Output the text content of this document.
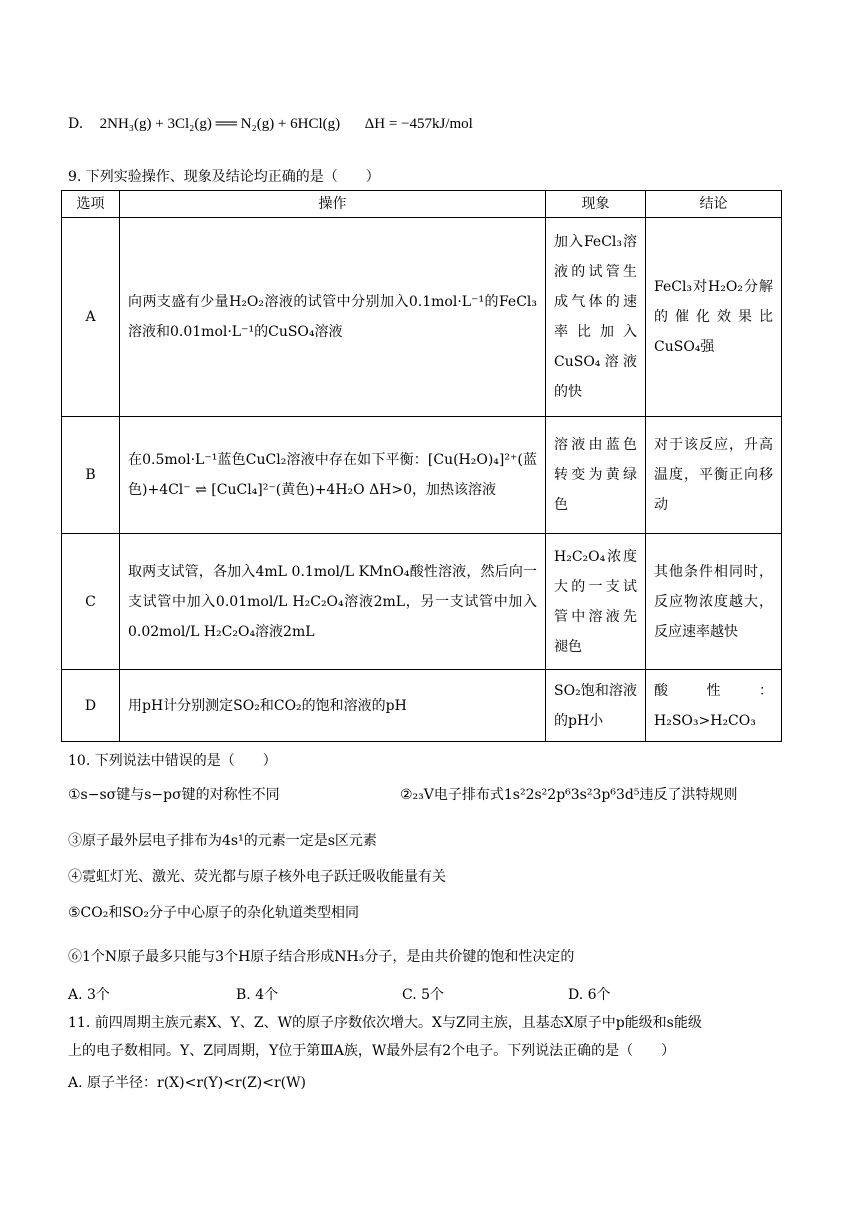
D. 2NH₃(g) + 3Cl₂(g) ══ N₂(g) + 6HCl(g) ΔH = −457kJ/mol
9. 下列实验操作、现象及结论均正确的是（　　）
选项	操作	现象	结论
A	向两支盛有少量H₂O₂溶液的试管中分别加入0.1mol·L⁻¹的FeCl₃溶液和0.01mol·L⁻¹的CuSO₄溶液	加入FeCl₃溶液的试管生成气体的速率比加入CuSO₄溶液的快	FeCl₃对H₂O₂分解的催化效果比CuSO₄强
B	在0.5mol·L⁻¹蓝色CuCl₂溶液中存在如下平衡：[Cu(H₂O)₄]²⁺(蓝色)+4Cl⁻ ⇌ [CuCl₄]²⁻(黄色)+4H₂O ΔH>0，加热该溶液	溶液由蓝色转变为黄绿色	对于该反应，升高温度，平衡正向移动
C	取两支试管，各加入4mL 0.1mol/L KMnO₄酸性溶液，然后向一支试管中加入0.01mol/L H₂C₂O₄溶液2mL，另一支试管中加入0.02mol/L H₂C₂O₄溶液2mL	H₂C₂O₄浓度大的一支试管中溶液先褪色	其他条件相同时，反应物浓度越大，反应速率越快
D	用pH计分别测定SO₂和CO₂的饱和溶液的pH	SO₂饱和溶液的pH小	酸性：H₂SO₃>H₂CO₃
10. 下列说法中错误的是（　　）
①s−sσ键与s−pσ键的对称性不同	②₂₃V电子排布式1s²2s²2p⁶3s²3p⁶3d⁵违反了洪特规则
③原子最外层电子排布为4s¹的元素一定是s区元素
④霓虹灯光、激光、荧光都与原子核外电子跃迁吸收能量有关
⑤CO₂和SO₂分子中心原子的杂化轨道类型相同
⑥1个N原子最多只能与3个H原子结合形成NH₃分子，是由共价键的饱和性决定的
A. 3个	B. 4个	C. 5个	D. 6个
11. 前四周期主族元素X、Y、Z、W的原子序数依次增大。X与Z同主族，且基态X原子中p能级和s能级
上的电子数相同。Y、Z同周期，Y位于第ⅢA族，W最外层有2个电子。下列说法正确的是（　　）
A. 原子半径：r(X)<r(Y)<r(Z)<r(W)
